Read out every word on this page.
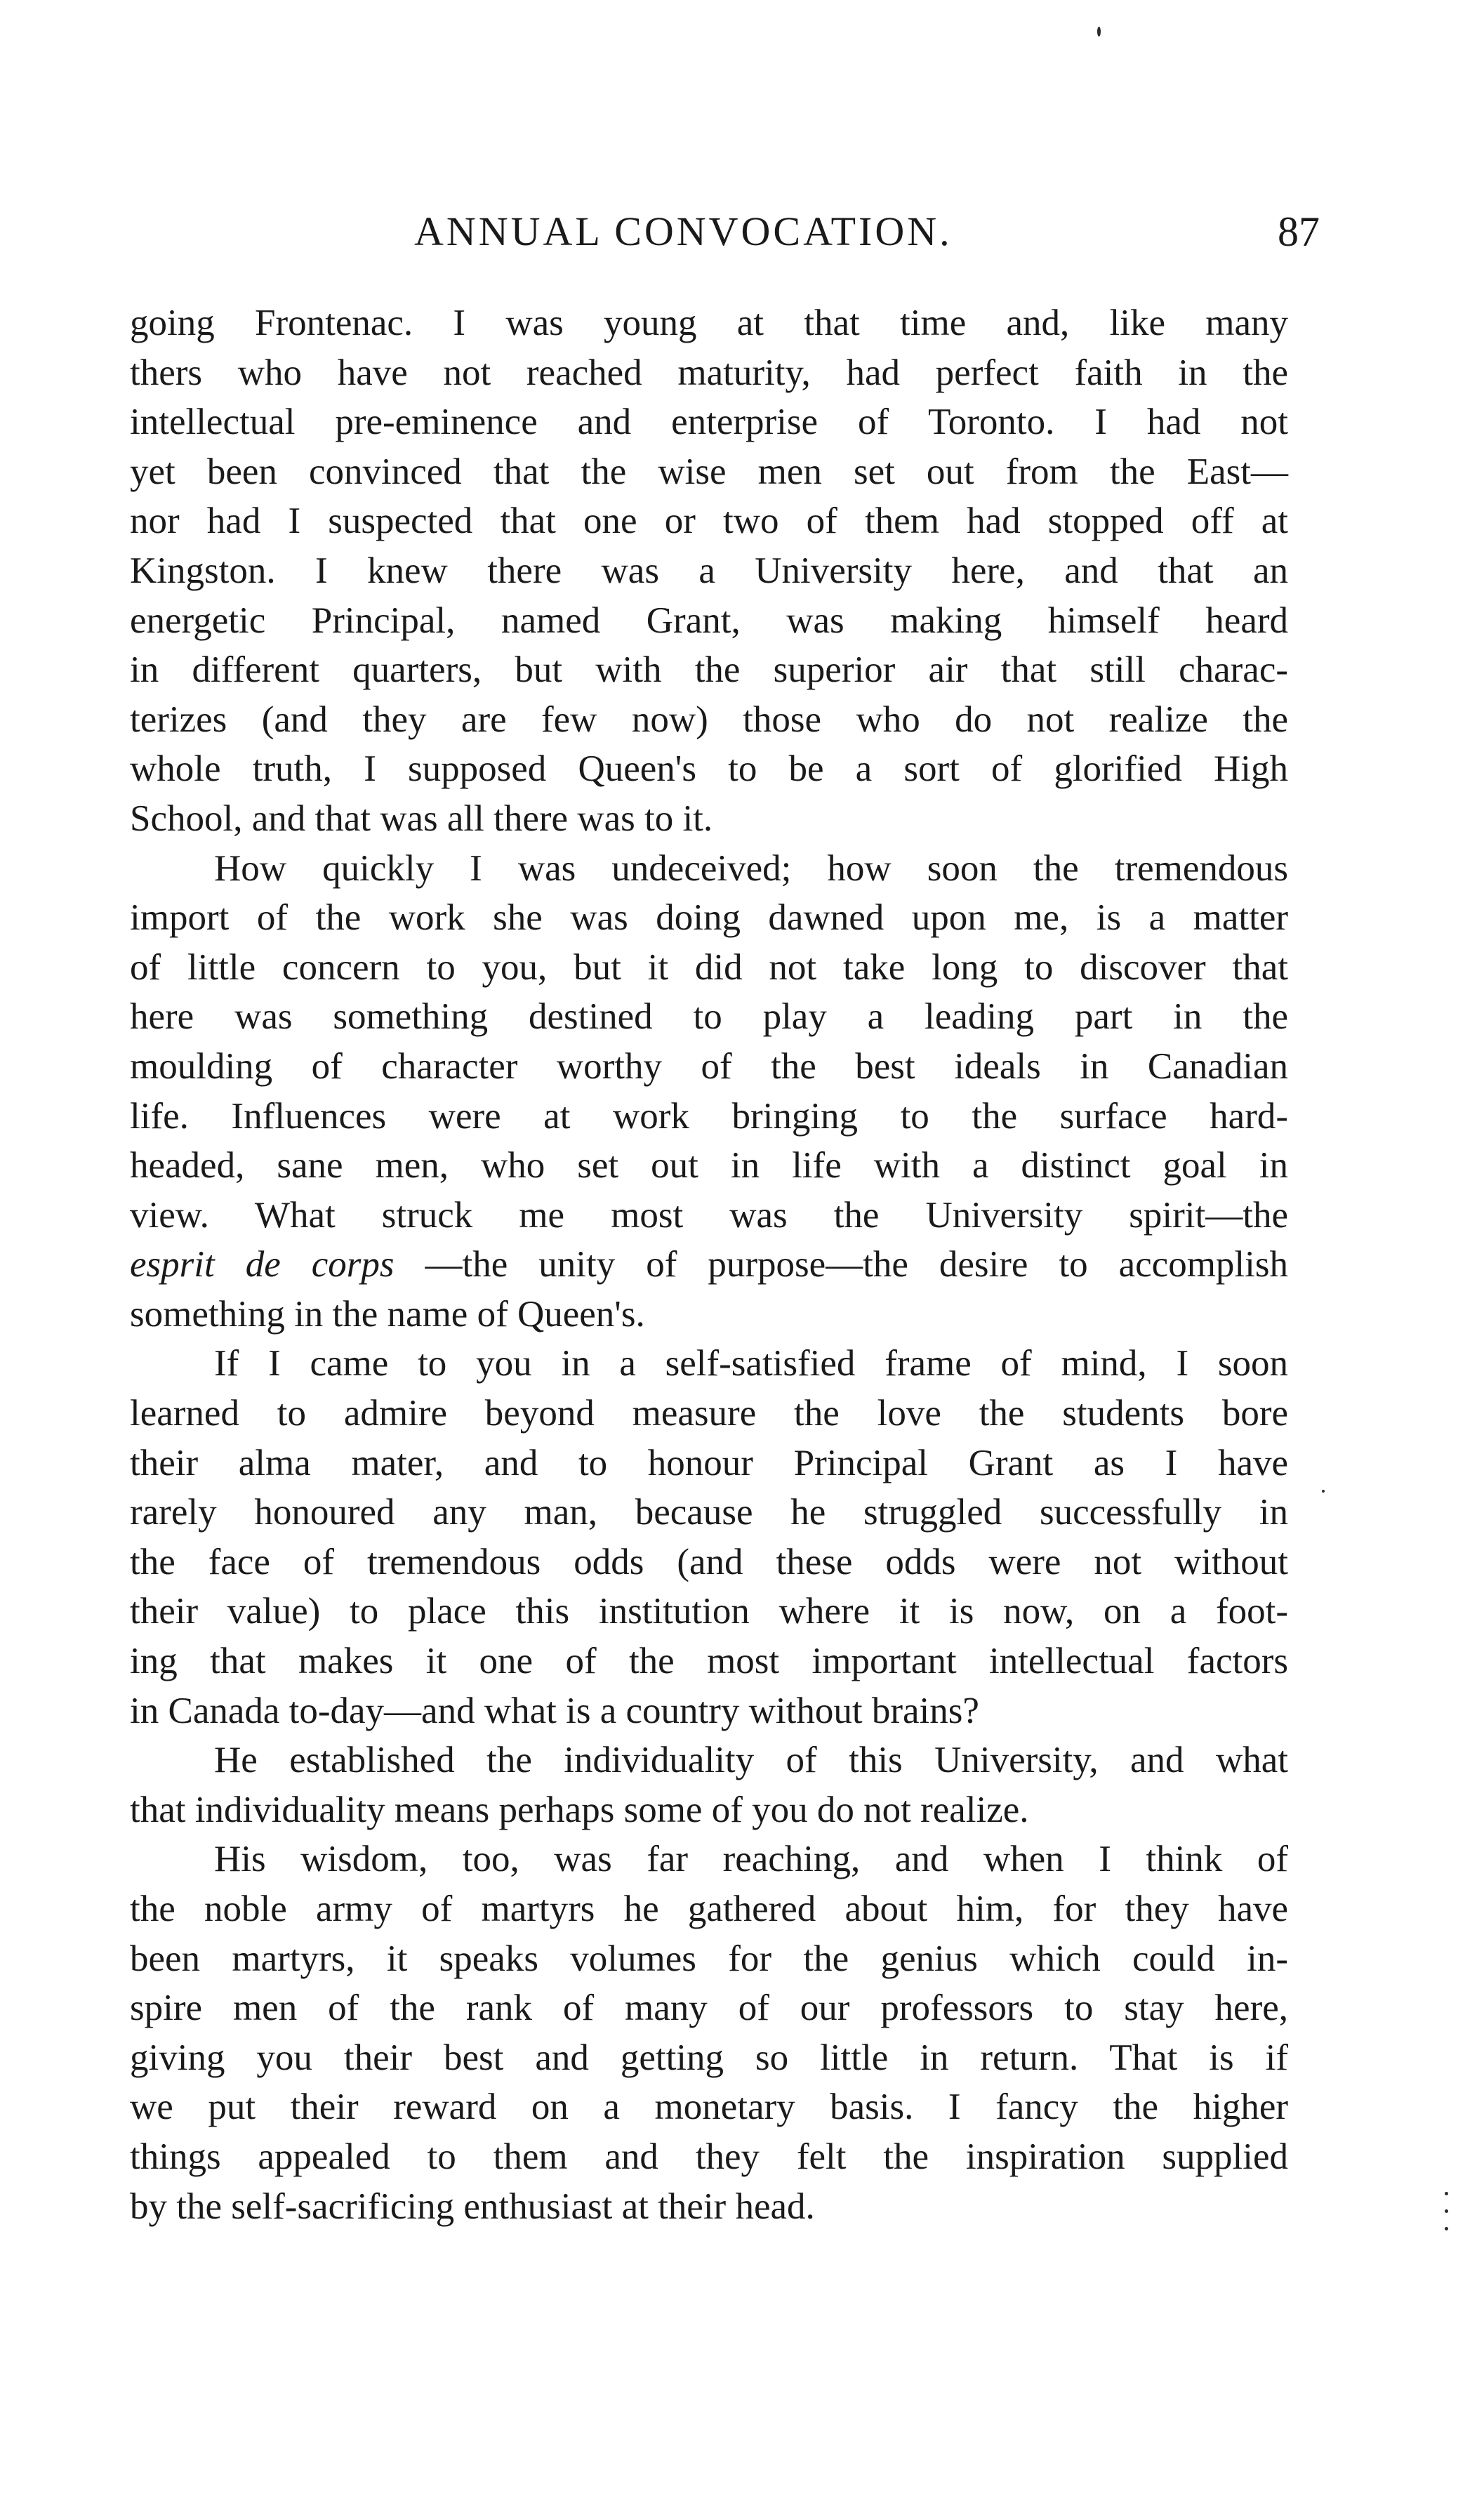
ANNUAL CONVOCATION.	87
going Frontenac. I was young at that time and, like many
thers who have not reached maturity, had perfect faith in the
intellectual pre-eminence and enterprise of Toronto. I had not
yet been convinced that the wise men set out from the East—
nor had I suspected that one or two of them had stopped off at
Kingston. I knew there was a University here, and that an
energetic Principal, named Grant, was making himself heard
in different quarters, but with the superior air that still charac-
terizes (and they are few now) those who do not realize the
whole truth, I supposed Queen's to be a sort of glorified High
School, and that was all there was to it.
How quickly I was undeceived; how soon the tremendous
import of the work she was doing dawned upon me, is a matter
of little concern to you, but it did not take long to discover that
here was something destined to play a leading part in the
moulding of character worthy of the best ideals in Canadian
life. Influences were at work bringing to the surface hard-
headed, sane men, who set out in life with a distinct goal in
view. What struck me most was the University spirit—the
esprit de corps —the unity of purpose—the desire to accomplish
something in the name of Queen's.
If I came to you in a self-satisfied frame of mind, I soon
learned to admire beyond measure the love the students bore
their alma mater, and to honour Principal Grant as I have
rarely honoured any man, because he struggled successfully in
the face of tremendous odds (and these odds were not without
their value) to place this institution where it is now, on a foot-
ing that makes it one of the most important intellectual factors
in Canada to-day—and what is a country without brains?
He established the individuality of this University, and what
that individuality means perhaps some of you do not realize.
His wisdom, too, was far reaching, and when I think of
the noble army of martyrs he gathered about him, for they have
been martyrs, it speaks volumes for the genius which could in-
spire men of the rank of many of our professors to stay here,
giving you their best and getting so little in return. That is if
we put their reward on a monetary basis. I fancy the higher
things appealed to them and they felt the inspiration supplied
by the self-sacrificing enthusiast at their head.
